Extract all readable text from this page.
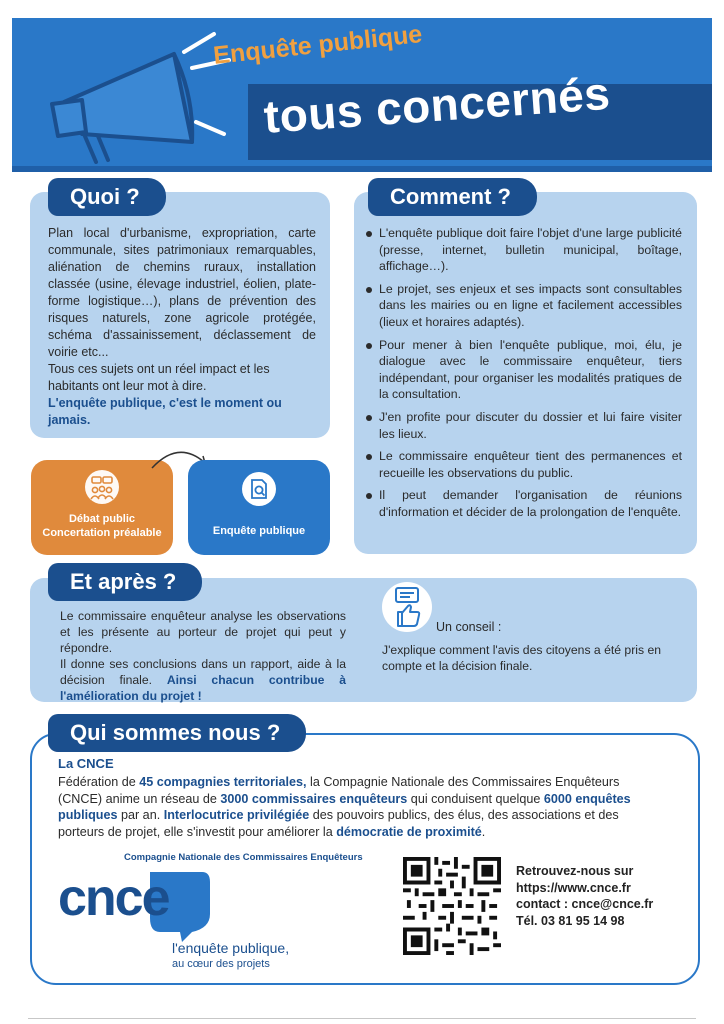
Enquête publique
tous concernés
Quoi ?
Plan local d'urbanisme, expropriation, carte communale, sites patrimoniaux remarquables, aliénation de chemins ruraux, installation classée (usine, élevage industriel, éolien, plate-forme logistique…), plans de prévention des risques naturels, zone agricole protégée, schéma d'assainissement, déclassement de voirie etc...
Tous ces sujets ont un réel impact et les habitants ont leur mot à dire.
L'enquête publique, c'est le moment ou jamais.
Débat public
Concertation préalable	Enquête publique
Comment ?
L'enquête publique doit faire l'objet d'une large publicité (presse, internet, bulletin municipal, boîtage, affichage…).
Le projet, ses enjeux et ses impacts sont consultables dans les mairies ou en ligne et facilement accessibles (lieux et horaires adaptés).
Pour mener à bien l'enquête publique, moi, élu, je dialogue avec le commissaire enquêteur, tiers indépendant, pour organiser les modalités pratiques de la consultation.
J'en profite pour discuter du dossier et lui faire visiter les lieux.
Le commissaire enquêteur tient des permanences et recueille les observations du public.
Il peut demander l'organisation de réunions d'information et décider de la prolongation de l'enquête.
Et après ?
Le commissaire enquêteur analyse les observations et les présente au porteur de projet qui peut y répondre.
Il donne ses conclusions dans un rapport, aide à la décision finale. Ainsi chacun contribue à l'amélioration du projet !
Un conseil :
J'explique comment l'avis des citoyens a été pris en compte et la décision finale.
Qui sommes nous ?
La CNCE
Fédération de 45 compagnies territoriales, la Compagnie Nationale des Commissaires Enquêteurs (CNCE) anime un réseau de 3000 commissaires enquêteurs qui conduisent quelque 6000 enquêtes publiques par an. Interlocutrice privilégiée des pouvoirs publics, des élus, des associations et des porteurs de projet, elle s'investit pour améliorer la démocratie de proximité.
Compagnie Nationale des Commissaires Enquêteurs
cnce
l'enquête publique,
au cœur des projets
Retrouvez-nous sur
https://www.cnce.fr
contact : cnce@cnce.fr
Tél. 03 81 95 14 98
